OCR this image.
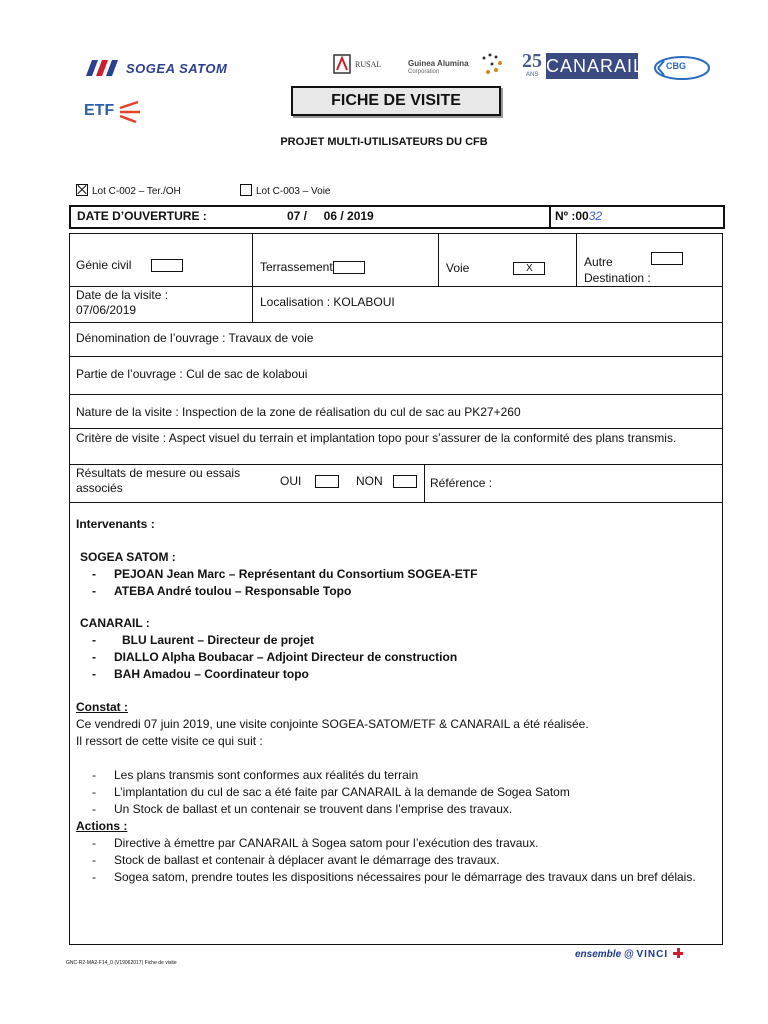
SOGEA SATOM
ETF
RUSAL	Guinea Alumina
Corporation	25
ANS CANARAIL CBG
FICHE DE VISITE
PROJET MULTI-UTILISATEURS DU CFB
Lot C-002 – Ter./OH	Lot C-003 – Voie
DATE D’OUVERTURE :	07 /     06 / 2019	Nº :0032
Génie civil	Terrassement	Voie	X	Autre
Destination :
Date de la visite :
07/06/2019
Localisation : KOLABOUI
Dénomination de l’ouvrage : Travaux de voie
Partie de l’ouvrage : Cul de sac de kolaboui
Nature de la visite : Inspection de la zone de réalisation du cul de sac au PK27+260
Critère de visite : Aspect visuel du terrain et implantation topo pour s’assurer de la conformité des plans transmis.
Résultats de mesure ou essais associés	OUI	NON	Référence :
Intervenants :
SOGEA SATOM :
- PEJOAN Jean Marc – Représentant du Consortium SOGEA-ETF
- ATEBA André toulou – Responsable Topo
CANARAIL :
- BLU Laurent – Directeur de projet
- DIALLO Alpha Boubacar – Adjoint Directeur de construction
- BAH Amadou – Coordinateur topo
Constat :
Ce vendredi 07 juin 2019, une visite conjointe SOGEA-SATOM/ETF & CANARAIL a été réalisée.
Il ressort de cette visite ce qui suit :
- Les plans transmis sont conformes aux réalités du terrain
- L’implantation du cul de sac a été faite par CANARAIL à la demande de Sogea Satom
- Un Stock de ballast et un contenair se trouvent dans l’emprise des travaux.
Actions :
- Directive à émettre par CANARAIL à Sogea satom pour l’exécution des travaux.
- Stock de ballast et contenair à déplacer avant le démarrage des travaux.
- Sogea satom, prendre toutes les dispositions nécessaires pour le démarrage des travaux dans un bref délais.
GNC-R2-MA2-F14_0 (V19062017) Fiche de visite
ensemble @ VINCI
